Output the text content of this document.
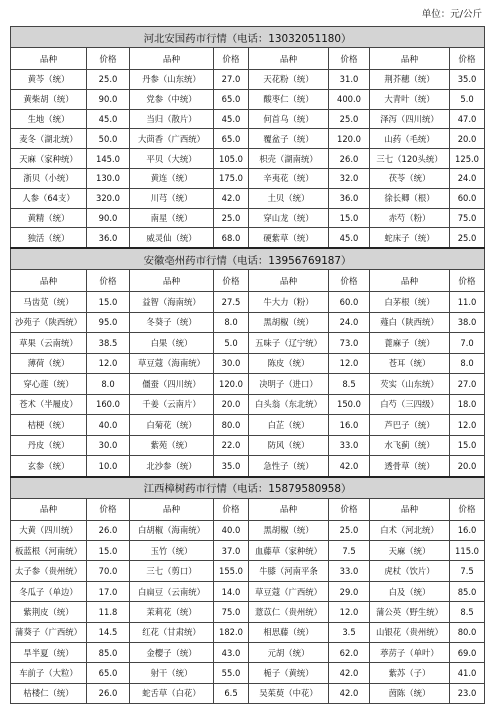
单位：元/公斤
河北安国药市行情（电话：13032051180）							
品种	价格	品种	价格	品种	价格	品种	价格
黄芩（统）	25.0	丹参（山东统）	27.0	天花粉（统）	31.0	荆芥穗（统）	35.0
黄柴胡（统）	90.0	党参（中统）	65.0	酸枣仁（统）	400.0	大青叶（统）	5.0
生地（统）	45.0	当归（散片）	45.0	何首乌（统）	25.0	泽泻（四川统）	47.0
麦冬（湖北统）	50.0	大茴香（广西统）	65.0	覆盆子（统）	120.0	山药（毛统）	20.0
天麻（家种统）	145.0	平贝（大统）	105.0	枳壳（湖南统）	26.0	三七（120头统）	125.0
浙贝（小统）	130.0	黄连（统）	175.0	辛夷花（统）	32.0	茯苓（统）	24.0
人参（64支）	320.0	川芎（统）	42.0	土贝（统）	36.0	徐长卿（根）	60.0
黄精（统）	90.0	南星（统）	25.0	穿山龙（统）	15.0	赤芍（粉）	75.0
独活（统）	36.0	威灵仙（统）	68.0	硬紫草（统）	45.0	蛇床子（统）	25.0
安徽亳州药市行情（电话：13956769187）							
品种	价格	品种	价格	品种	价格	品种	价格
马齿苋（统）	15.0	益智（海南统）	27.5	牛大力（粉）	60.0	白茅根（统）	11.0
沙苑子（陕西统）	95.0	冬葵子（统）	8.0	黑胡椒（统）	24.0	薤白（陕西统）	38.0
草果（云南统）	38.5	白果（统）	5.0	五味子（辽宁统）	73.0	蓖麻子（统）	7.0
薄荷（统）	12.0	草豆蔻（海南统）	30.0	陈皮（统）	12.0	苍耳（统）	8.0
穿心莲（统）	8.0	僵蚕（四川统）	120.0	决明子（进口）	8.5	芡实（山东统）	27.0
苍术（半履皮）	160.0	千姜（云南片）	20.0	白头翁（东北统）	150.0	白芍（三四级）	18.0
桔梗（统）	40.0	白菊花（统）	80.0	白芷（统）	16.0	芦巴子（统）	12.0
丹皮（统）	30.0	紫苑（统）	22.0	防风（统）	33.0	水飞蓟（统）	15.0
玄参（统）	10.0	北沙参（统）	35.0	急性子（统）	42.0	透骨草（统）	20.0
江西樟树药市行情（电话：15879580958）							
品种	价格	品种	价格	品种	价格	品种	价格
大黄（四川统）	26.0	白胡椒（海南统）	40.0	黑胡椒（统）	25.0	白术（河北统）	16.0
板蓝根（河南统）	15.0	玉竹（统）	37.0	血藤草（家种统）	7.5	天麻（统）	115.0
太子参（贵州统）	70.0	三七（剪口）	155.0	牛膝（河南平条	33.0	虎杖（饮片）	7.5
冬瓜子（单边）	17.0	白扁豆（云南统）	14.0	草豆蔻（广西统）	29.0	白及（统）	85.0
紫荆皮（统）	11.8	茉莉花（统）	75.0	薏苡仁（贵州统）	12.0	蒲公英（野生统）	8.5
蒲葵子（广西统）	14.5	红花（甘肃统）	182.0	相思藤（统）	3.5	山银花（贵州统）	80.0
旱半夏（统）	85.0	金樱子（统）	43.0	元胡（统）	62.0	葶苈子（单叶）	69.0
车前子（大粒）	65.0	射干（统）	55.0	栀子（黄统）	42.0	紫苏（子）	41.0
枯楼仁（统）	26.0	蛇舌草（白花）	6.5	吴茱萸（中花）	42.0	茵陈（统）	23.0
